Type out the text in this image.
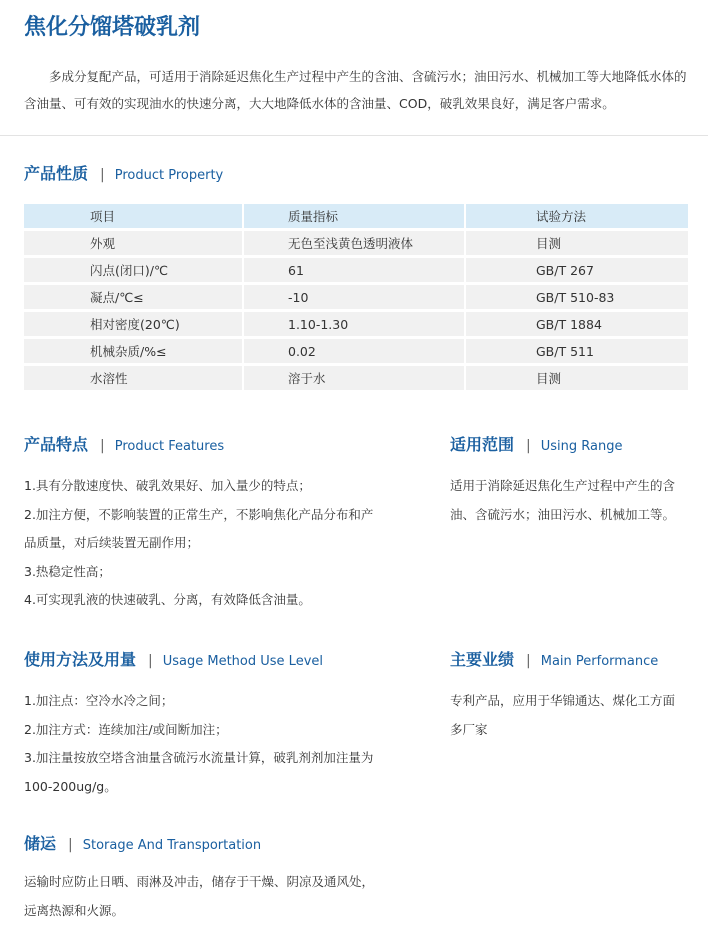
焦化分馏塔破乳剂
多成分复配产品，可适用于消除延迟焦化生产过程中产生的含油、含硫污水；油田污水、机械加工等大地降低水体的含油量、可有效的实现油水的快速分离，大大地降低水体的含油量、COD，破乳效果良好，满足客户需求。
产品性质 | Product Property
项目	质量指标	试验方法
外观	无色至浅黄色透明液体	目测
闪点(闭口)/℃	61	GB/T 267
凝点/℃≤	-10	GB/T 510-83
相对密度(20℃)	1.10-1.30	GB/T 1884
机械杂质/%≤	0.02	GB/T 511
水溶性	溶于水	目测
产品特点 | Product Features
1.具有分散速度快、破乳效果好、加入量少的特点；
2.加注方便，不影响装置的正常生产，不影响焦化产品分布和产
品质量，对后续装置无副作用；
3.热稳定性高；
4.可实现乳液的快速破乳、分离，有效降低含油量。
适用范围 | Using Range
适用于消除延迟焦化生产过程中产生的含
油、含硫污水；油田污水、机械加工等。
使用方法及用量 | Usage Method Use Level
1.加注点：空冷水冷之间；
2.加注方式：连续加注/或间断加注；
3.加注量按放空塔含油量含硫污水流量计算，破乳剂剂加注量为
100-200ug/g。
主要业绩 | Main Performance
专利产品，应用于华锦通达、煤化工方面
多厂家
储运 | Storage And Transportation
运输时应防止日晒、雨淋及冲击，储存于干燥、阴凉及通风处，
远离热源和火源。
